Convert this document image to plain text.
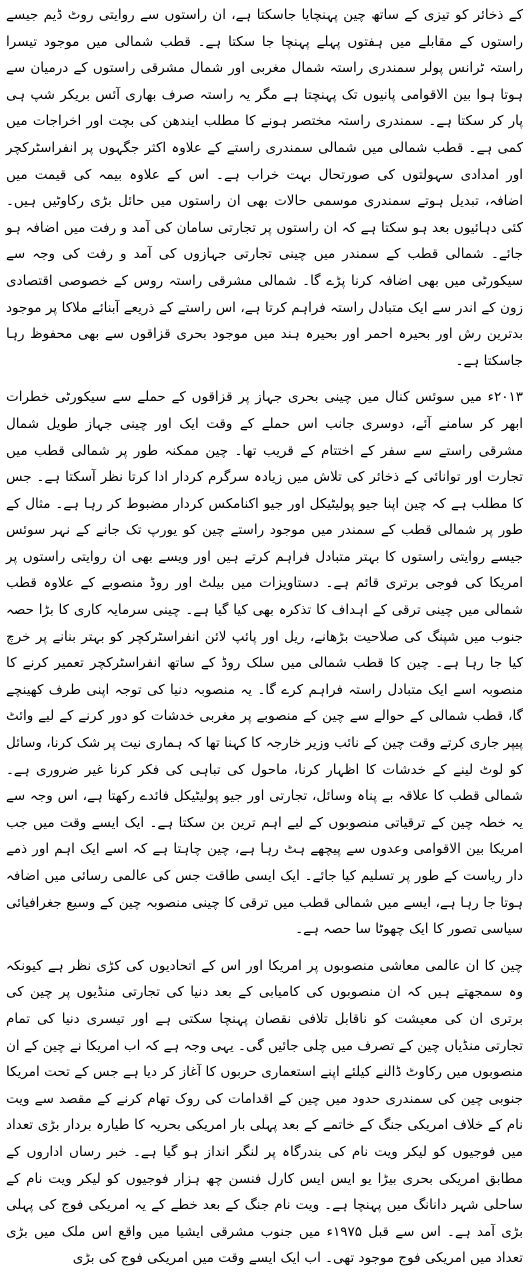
کے ذخائر کو تیزی کے ساتھ چین پہنچایا جاسکتا ہے، ان راستوں سے روایتی روٹ ڈیم جیسے راستوں کے مقابلے میں ہفتوں پہلے پہنچا جا سکتا ہے۔ قطب شمالی میں موجود تیسرا راستہ ٹرانس پولر سمندری راستہ شمال مغربی اور شمال مشرقی راستوں کے درمیان سے ہوتا ہوا بین الاقوامی پانیوں تک پہنچتا ہے مگر یہ راستہ صرف بھاری آئس بریکر شپ ہی پار کر سکتا ہے۔ سمندری راستہ مختصر ہونے کا مطلب ایندھن کی بچت اور اخراجات میں کمی ہے۔ قطب شمالی میں شمالی سمندری راستے کے علاوہ اکثر جگہوں پر انفراسٹرکچر اور امدادی سہولتوں کی صورتحال بہت خراب ہے۔ اس کے علاوہ بیمہ کی قیمت میں اضافہ، تبدیل ہوتے سمندری موسمی حالات بھی ان راستوں میں حائل بڑی رکاوٹیں ہیں۔ کئی دہائیوں بعد ہو سکتا ہے کہ ان راستوں پر تجارتی سامان کی آمد و رفت میں اضافہ ہو جائے۔ شمالی قطب کے سمندر میں چینی تجارتی جہازوں کی آمد و رفت کی وجہ سے سیکورٹی میں بھی اضافہ کرنا پڑے گا۔ شمالی مشرقی راستہ روس کے خصوصی اقتصادی زون کے اندر سے ایک متبادل راستہ فراہم کرتا ہے، اس راستے کے ذریعے آبنائے ملاکا پر موجود بدترین رش اور بحیرہ احمر اور بحیرہ ہند میں موجود بحری قزاقوں سے بھی محفوظ رہا جاسکتا ہے۔

۲۰۱۳ء میں سوئس کنال میں چینی بحری جہاز پر قزاقوں کے حملے سے سیکورٹی خطرات ابھر کر سامنے آئے، دوسری جانب اس حملے کے وقت ایک اور چینی جہاز طویل شمال مشرقی راستے سے سفر کے اختتام کے قریب تھا۔ چین ممکنہ طور پر شمالی قطب میں تجارت اور توانائی کے ذخائر کی تلاش میں زیادہ سرگرم کردار ادا کرتا نظر آسکتا ہے۔ جس کا مطلب ہے کہ چین اپنا جیو پولیٹیکل اور جیو اکنامکس کردار مضبوط کر رہا ہے۔ مثال کے طور پر شمالی قطب کے سمندر میں موجود راستے چین کو یورپ تک جانے کے نہر سوئس جیسے روایتی راستوں کا بہتر متبادل فراہم کرتے ہیں اور ویسے بھی ان روایتی راستوں پر امریکا کی فوجی برتری قائم ہے۔ دستاویزات میں بیلٹ اور روڈ منصوبے کے علاوہ قطب شمالی میں چینی ترقی کے اہداف کا تذکرہ بھی کیا گیا ہے۔ چینی سرمایہ کاری کا بڑا حصہ جنوب میں شپنگ کی صلاحیت بڑھانے، ریل اور پائپ لائن انفراسٹرکچر کو بہتر بنانے پر خرچ کیا جا رہا ہے۔ چین کا قطب شمالی میں سلک روڈ کے ساتھ انفراسٹرکچر تعمیر کرنے کا منصوبہ اسے ایک متبادل راستہ فراہم کرے گا۔ یہ منصوبہ دنیا کی توجہ اپنی طرف کھینچے گا، قطب شمالی کے حوالے سے چین کے منصوبے پر مغربی خدشات کو دور کرنے کے لیے وائٹ پیپر جاری کرتے وقت چین کے نائب وزیر خارجہ کا کہنا تھا کہ ہماری نیت پر شک کرنا، وسائل کو لوٹ لینے کے خدشات کا اظہار کرنا، ماحول کی تباہی کی فکر کرنا غیر ضروری ہے۔ شمالی قطب کا علاقہ بے پناہ وسائل، تجارتی اور جیو پولیٹیکل فائدے رکھتا ہے، اس وجہ سے یہ خطہ چین کے ترقیاتی منصوبوں کے لیے اہم ترین بن سکتا ہے۔ ایک ایسے وقت میں جب امریکا بین الاقوامی وعدوں سے پیچھے ہٹ رہا ہے، چین چاہتا ہے کہ اسے ایک اہم اور ذمے دار ریاست کے طور پر تسلیم کیا جائے۔ ایک ایسی طاقت جس کی عالمی رسائی میں اضافہ ہوتا جا رہا ہے، ایسے میں شمالی قطب میں ترقی کا چینی منصوبہ چین کے وسیع جغرافیائی سیاسی تصور کا ایک چھوٹا سا حصہ ہے۔

چین کا ان عالمی معاشی منصوبوں پر امریکا اور اس کے اتحادیوں کی کڑی نظر ہے کیونکہ وہ سمجھتے ہیں کہ ان منصوبوں کی کامیابی کے بعد دنیا کی تجارتی منڈیوں پر چین کی برتری ان کی معیشت کو ناقابل تلافی نقصان پہنچا سکتی ہے اور تیسری دنیا کی تمام تجارتی منڈیاں چین کے تصرف میں چلی جائیں گی۔ یہی وجہ ہے کہ اب امریکا نے چین کے ان منصوبوں میں رکاوٹ ڈالنے کیلئے اپنے استعماری حربوں کا آغاز کر دیا ہے جس کے تحت امریکا جنوبی چین کی سمندری حدود میں چین کے اقدامات کی روک تھام کرنے کے مقصد سے ویت نام کے خلاف امریکی جنگ کے خاتمے کے بعد پہلی بار امریکی بحریہ کا طیارہ بردار بڑی تعداد میں فوجیوں کو لیکر ویت نام کی بندرگاہ پر لنگر انداز ہو گیا ہے۔ خبر رساں اداروں کے مطابق امریکی بحری بیڑا یو ایس ایس کارل فنسن چھ ہزار فوجیوں کو لیکر ویت نام کے ساحلی شہر دانانگ میں پہنچا ہے۔ ویت نام جنگ کے بعد خطے کے یہ امریکی فوج کی پہلی بڑی آمد ہے۔ اس سے قبل ۱۹۷۵ء میں جنوب مشرقی ایشیا میں واقع اس ملک میں بڑی تعداد میں امریکی فوج موجود تھی۔ اب ایک ایسے وقت میں امریکی فوج کی بڑی
